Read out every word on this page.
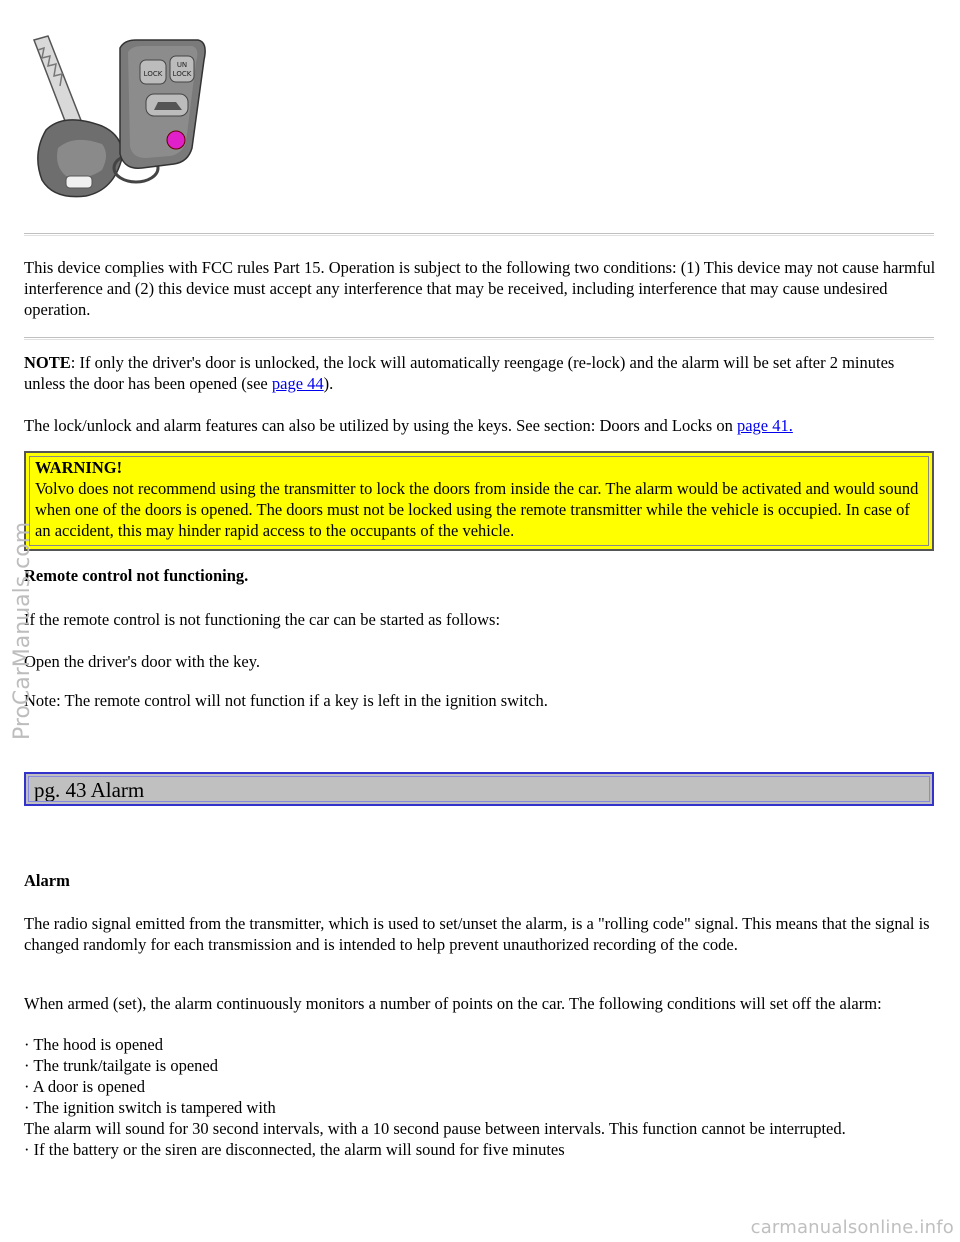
LOCK
UN
LOCK

This device complies with FCC rules Part 15. Operation is subject to the following two conditions: (1) This device may not cause harmful interference and (2) this device must accept any interference that may be received, including interference that may cause undesired operation.

NOTE: If only the driver's door is unlocked, the lock will automatically reengage (re-lock) and the alarm will be set after 2 minutes unless the door has been opened (see page 44).

The lock/unlock and alarm features can also be utilized by using the keys. See section: Doors and Locks on page 41.

WARNING!
Volvo does not recommend using the transmitter to lock the doors from inside the car. The alarm would be activated and would sound when one of the doors is opened. The doors must not be locked using the remote transmitter while the vehicle is occupied. In case of an accident, this may hinder rapid access to the occupants of the vehicle.

Remote control not functioning.

If the remote control is not functioning the car can be started as follows:

Open the driver's door with the key.

Note: The remote control will not function if a key is left in the ignition switch.

pg. 43 Alarm

Alarm

The radio signal emitted from the transmitter, which is used to set/unset the alarm, is a "rolling code" signal. This means that the signal is changed randomly for each transmission and is intended to help prevent unauthorized recording of the code.

When armed (set), the alarm continuously monitors a number of points on the car. The following conditions will set off the alarm:

· The hood is opened
· The trunk/tailgate is opened
· A door is opened
· The ignition switch is tampered with
The alarm will sound for 30 second intervals, with a 10 second pause between intervals. This function cannot be interrupted.
· If the battery or the siren are disconnected, the alarm will sound for five minutes
ProCarManuals.com
carmanualsonline.info
